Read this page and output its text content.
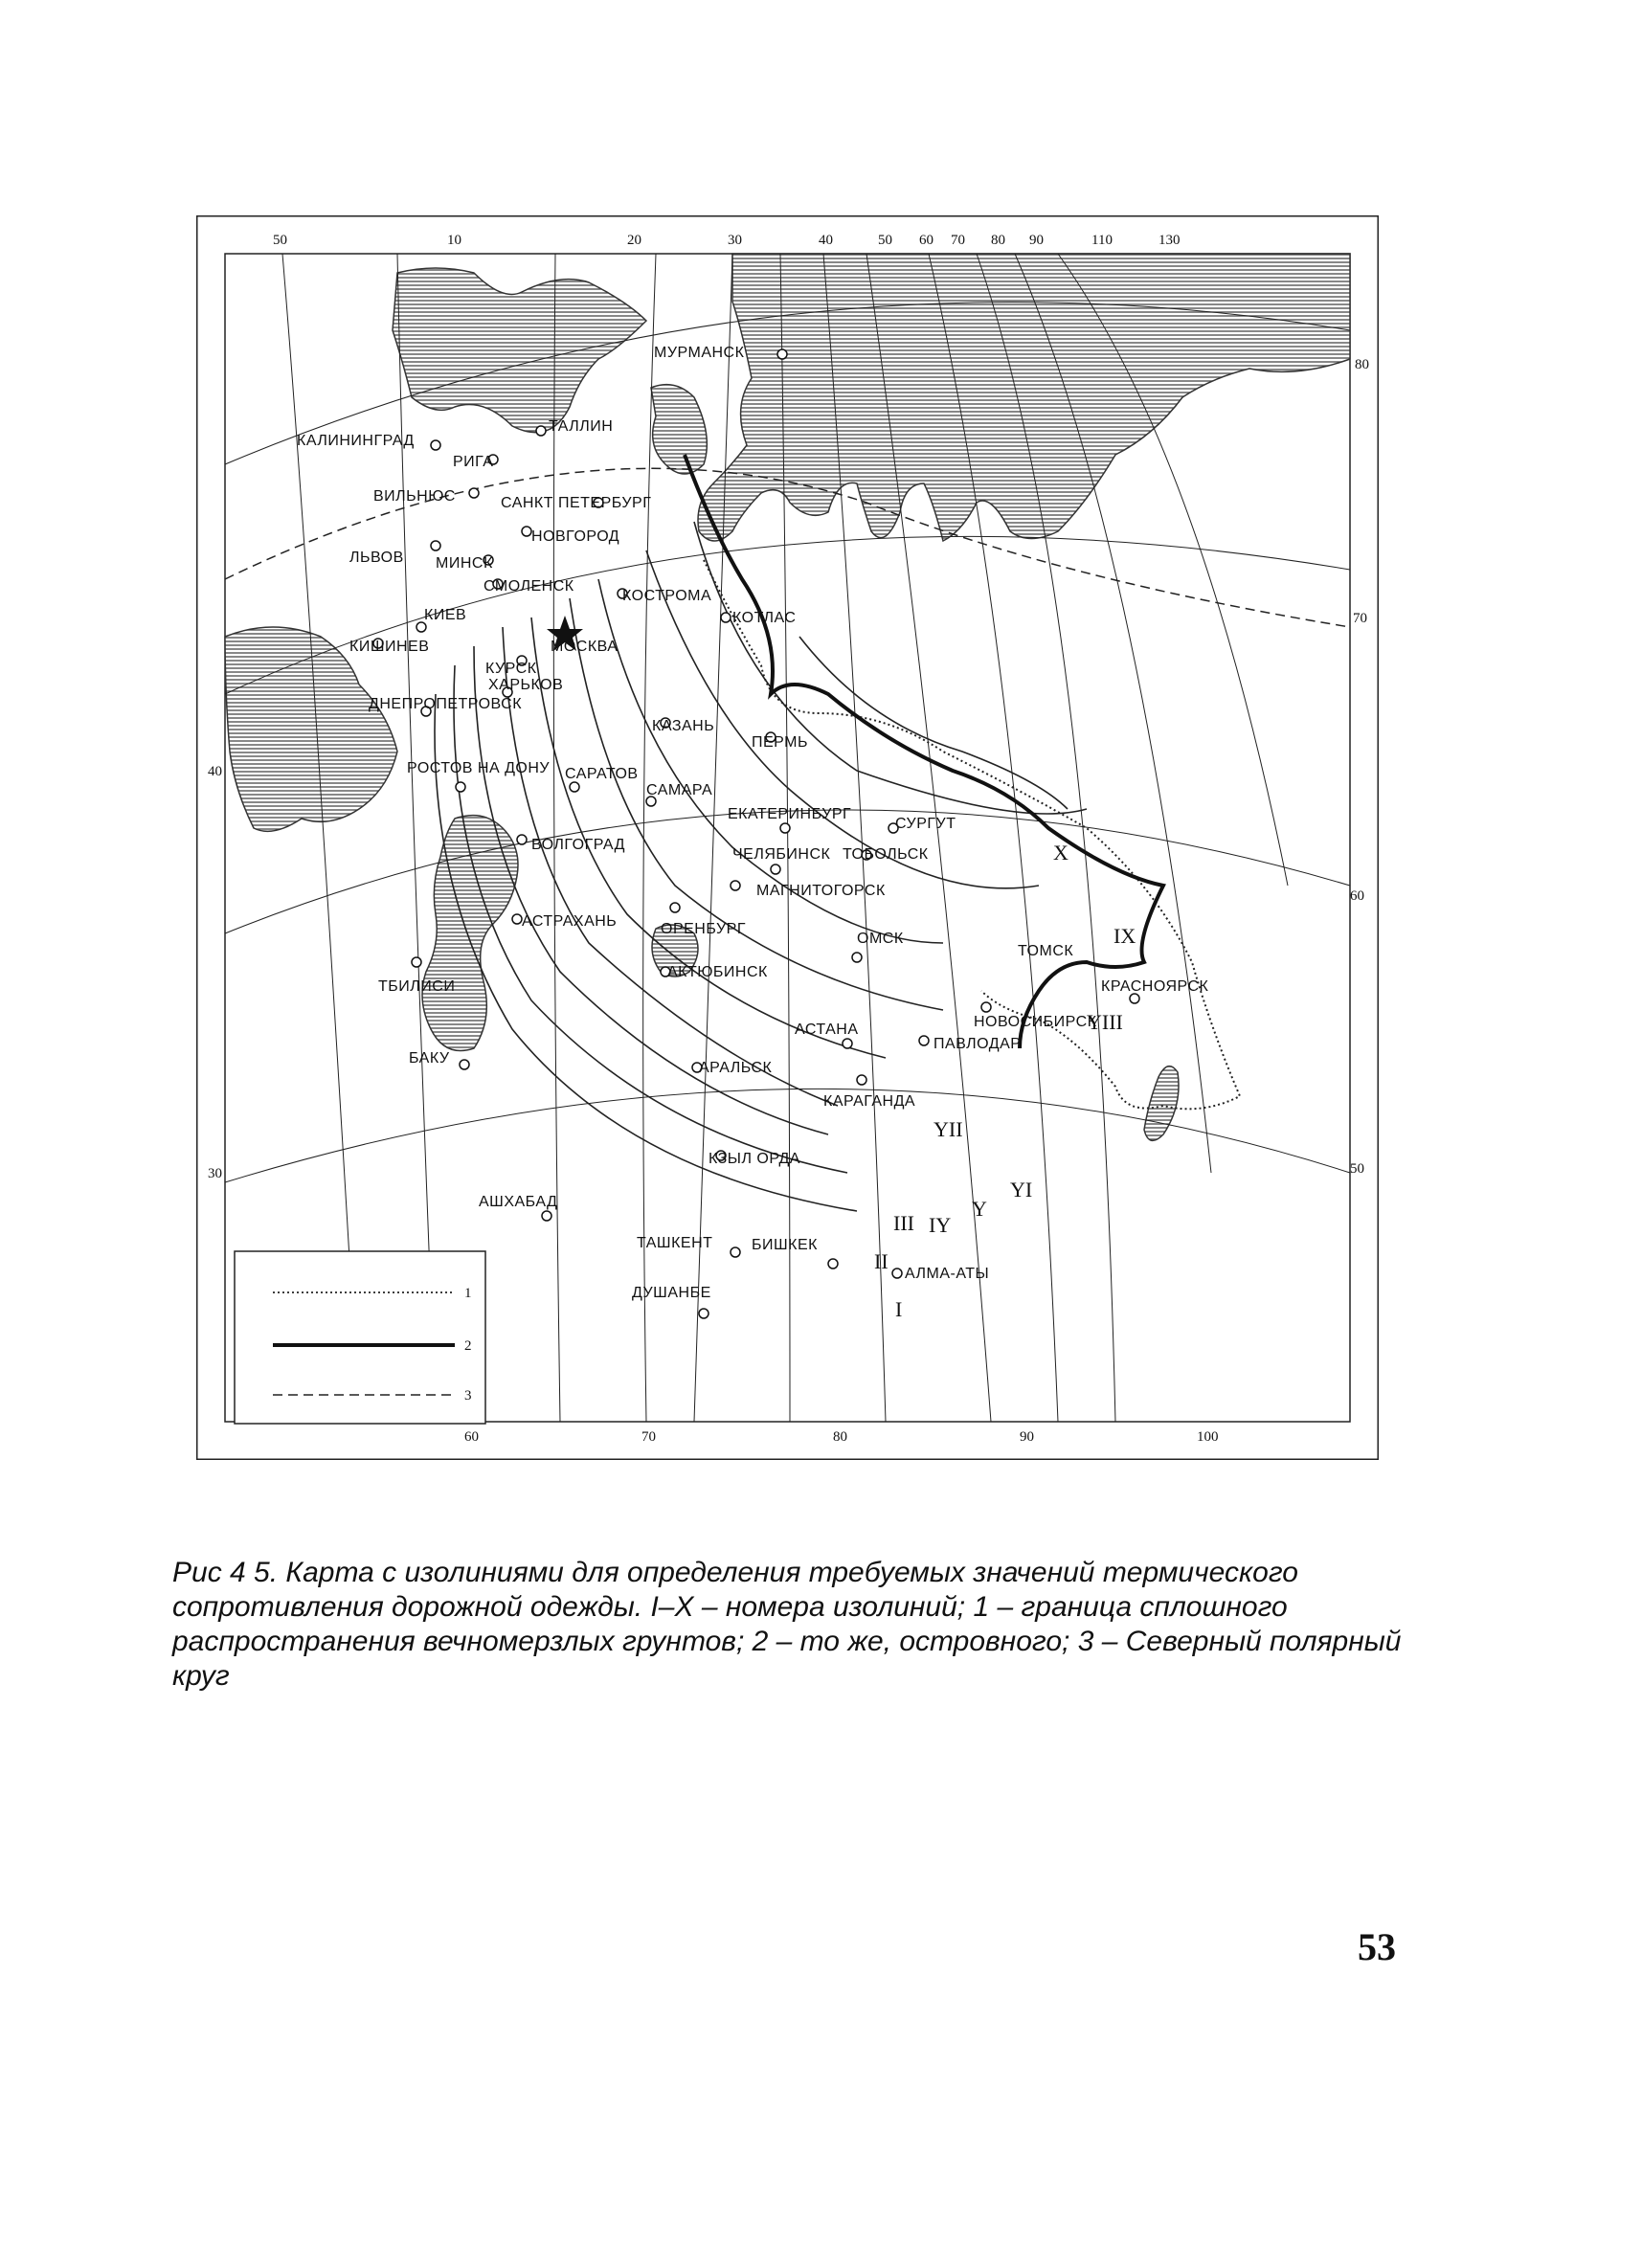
50	10	20	30	40	50 60 70 80 90	110	130
60	70	80	90	100
80
70
60
50
40
30
МУРМАНСК
КАЛИНИНГРАД
ТАЛЛИН
РИГА
ВИЛЬНЮС	САНКТ ПЕТЕРБУРГ
НОВГОРОД
ЛЬВОВ МИНСК
СМОЛЕНСК
КОСТРОМА
КОТЛАС
КИЕВ
КИШИНЕВ	МОСКВА
КУРСК
ХАРЬКОВ
ДНЕПРОПЕТРОВСК
КАЗАНЬ
ПЕРМЬ
РОСТОВ НА ДОНУ САРАТОВ
САМАРА
ЕКАТЕРИНБУРГ
СУРГУТ
ВОЛГОГРАД
ЧЕЛЯБИНСК ТОБОЛЬСК
МАГНИТОГОРСК
АСТРАХАНЬ	ОРЕНБУРГ
ОМСК
ТОМСК
ТБИЛИСИ
АКТЮБИНСК
КРАСНОЯРСК
НОВОСИБИРСК
АСТАНА
ПАВЛОДАР
БАКУ
АРАЛЬСК
КАРАГАНДА
КЗЫЛ ОРДА
АШХАБАД
ТАШКЕНТ	БИШКЕК
АЛМА-АТЫ
ДУШАНБЕ
I
II
III IY
Y
YI
YII
YIII
IX
X
1
2
3

Рис 4 5. Карта с изолиниями для определения требуемых значений термического сопротивления дорожной одежды. I–X – номера изолиний; 1 – граница сплошного распространения вечномерзлых грунтов; 2 – то же, островного; 3 – Северный полярный круг

53
